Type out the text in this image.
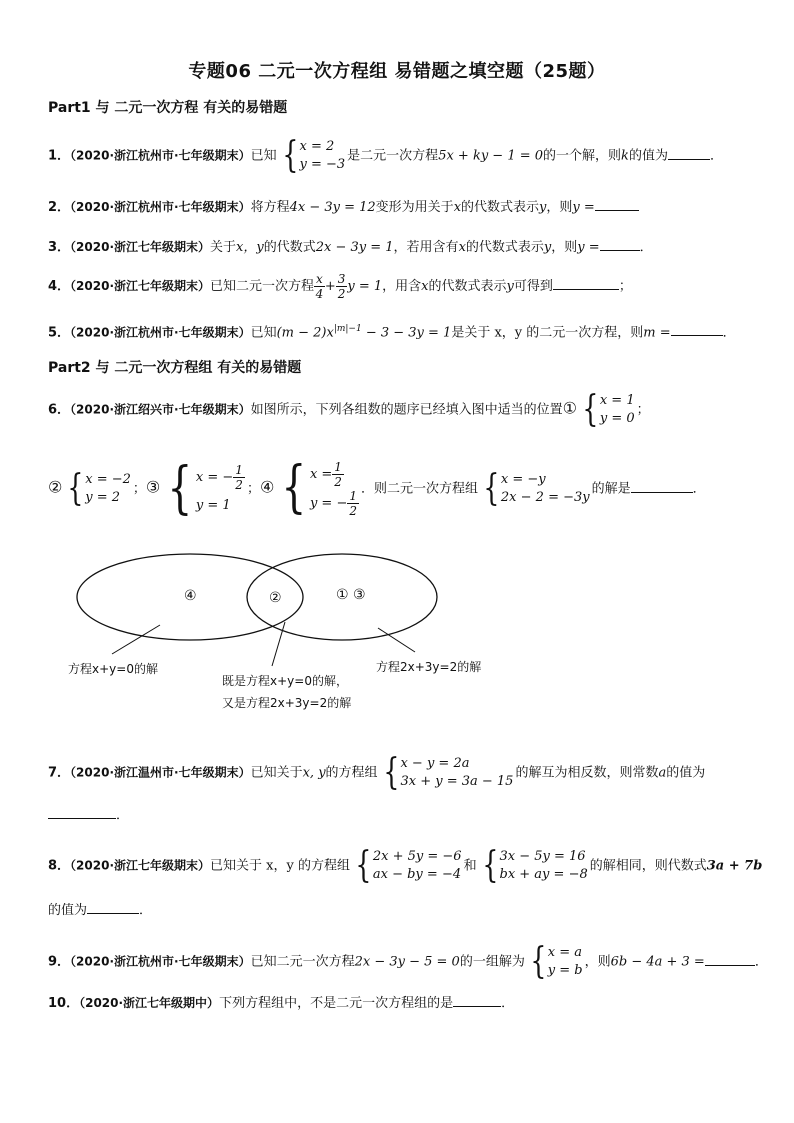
专题06 二元一次方程组 易错题之填空题（25题）
Part1 与 二元一次方程 有关的易错题
1．（2020·浙江杭州市·七年级期末）已知 { x = 2
y = −3
是二元一次方程5x + ky − 1 = 0的一个解，则k的值为	．
2．（2020·浙江杭州市·七年级期末）将方程4x − 3y = 12变形为用关于x的代数式表示y，则y =
3．（2020·浙江七年级期末）关于x，y的代数式2x − 3y = 1，若用含有x的代数式表示y，则y =	．
4．（2020·浙江七年级期末）已知二元一次方程 $\frac{x}{4} + \frac{3}{2}$ y = 1，用含x的代数式表示y可得到	；
5．（2020·浙江杭州市·七年级期末）已知$(m - 2)x^{|m|-1} - 3 - 3y = 1$是关于 x，y 的二元一次方程，则m =	．
Part2 与 二元一次方程组 有关的易错题
6．（2020·浙江绍兴市·七年级期末）如图所示，下列各组数的题序已经填入图中适当的位置① { x = 1
y = 0
；
② { x = −2
y = 2
；③ { x = − $\frac{1}{2}$
y = 1
；④ { $x = \frac{1}{2}$
y = − $\frac{1}{2}$ ．则二元一次方程组 { x = −y
2x − 2 = −3y
的解是	．
④	②	① ③
方程x+y=0的解
既是方程x+y=0的解，
又是方程2x+3y=2的解
方程2x+3y=2的解
7．（2020·浙江温州市·七年级期末）已知关于x, y的方程组 { x − y = 2a
3x + y = 3a − 15
的解互为相反数，则常数a的值为
．
8．（2020·浙江七年级期末）已知关于 x，y 的方程组 { 2x + 5y = −6
ax − by = −4
和 { 3x − 5y = 16
bx + ay = −8
的解相同，则代数式3a + 7b
的值为	．
9．（2020·浙江杭州市·七年级期末）已知二元一次方程2x − 3y − 5 = 0的一组解为 { x = a
y = b
，则6b − 4a + 3 =	．
10．（2020·浙江七年级期中）下列方程组中，不是二元一次方程组的是	．
